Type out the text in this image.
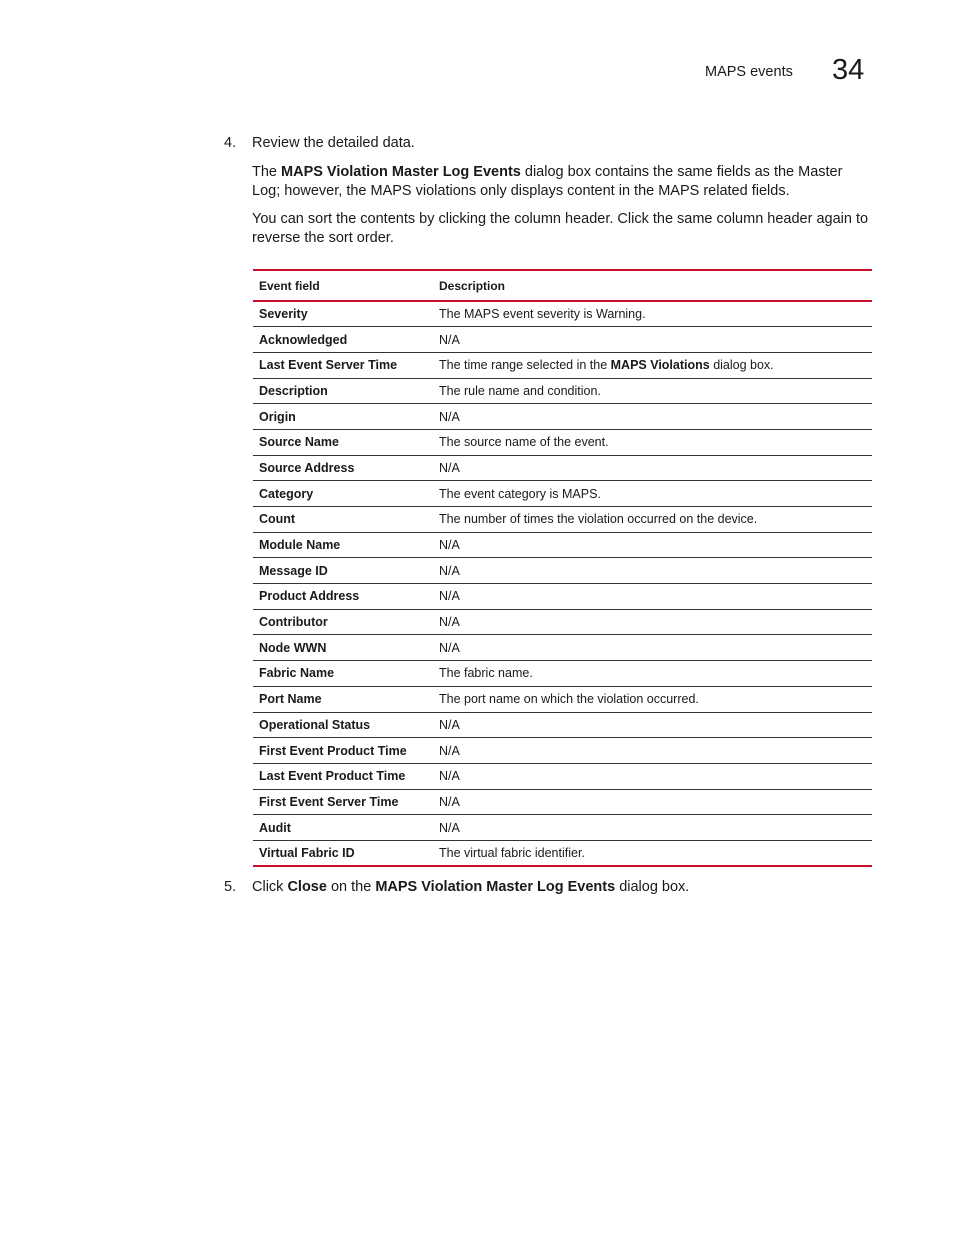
MAPS events 34
4. Review the detailed data.

The MAPS Violation Master Log Events dialog box contains the same fields as the Master Log; however, the MAPS violations only displays content in the MAPS related fields.

You can sort the contents by clicking the column header. Click the same column header again to reverse the sort order.

Event field	Description
Severity	The MAPS event severity is Warning.
Acknowledged	N/A
Last Event Server Time	The time range selected in the MAPS Violations dialog box.
Description	The rule name and condition.
Origin	N/A
Source Name	The source name of the event.
Source Address	N/A
Category	The event category is MAPS.
Count	The number of times the violation occurred on the device.
Module Name	N/A
Message ID	N/A
Product Address	N/A
Contributor	N/A
Node WWN	N/A
Fabric Name	The fabric name.
Port Name	The port name on which the violation occurred.
Operational Status	N/A
First Event Product Time	N/A
Last Event Product Time	N/A
First Event Server Time	N/A
Audit	N/A
Virtual Fabric ID	The virtual fabric identifier.
5. Click Close on the MAPS Violation Master Log Events dialog box.
